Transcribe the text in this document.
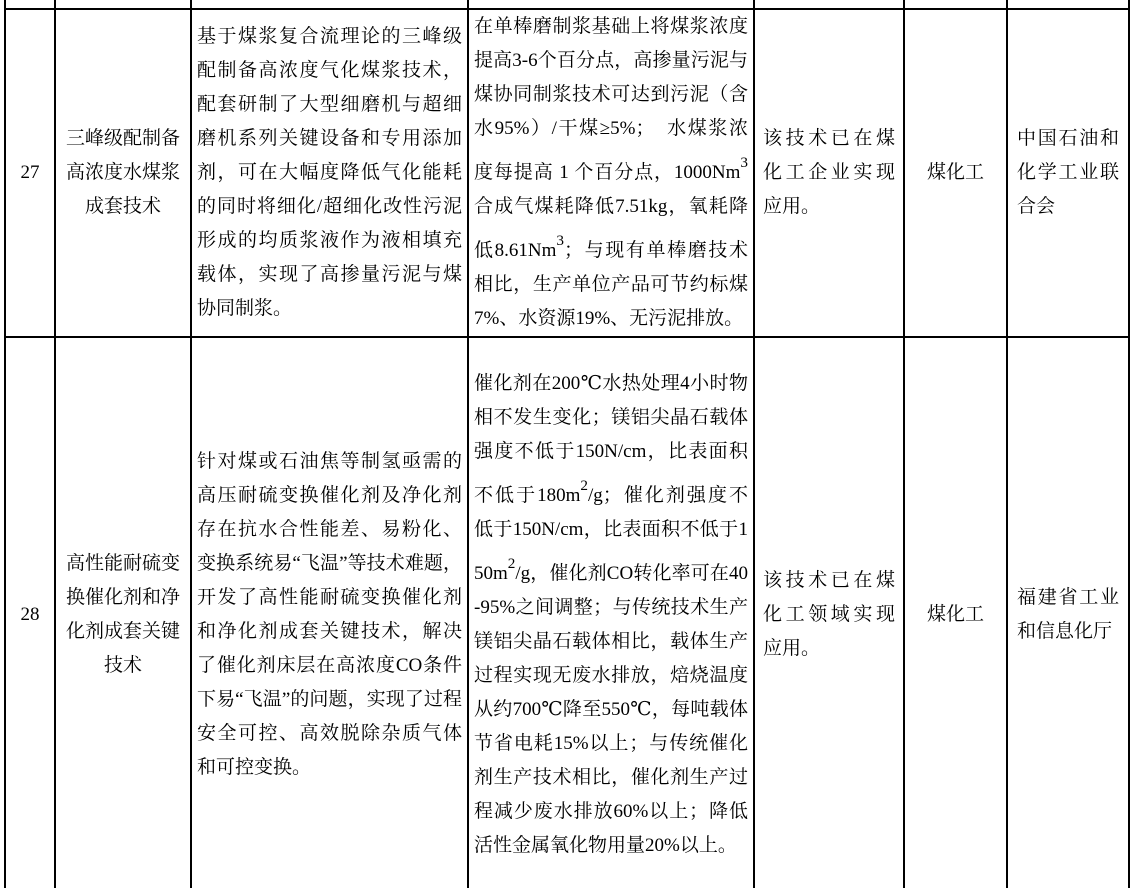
27	三峰级配制备高浓度水煤浆成套技术	基于煤浆复合流理论的三峰级配制备高浓度气化煤浆技术，配套研制了大型细磨机与超细磨机系列关键设备和专用添加剂，可在大幅度降低气化能耗的同时将细化/超细化改性污泥形成的均质浆液作为液相填充载体，实现了高掺量污泥与煤协同制浆。	在单棒磨制浆基础上将煤浆浓度提高3-6个百分点，高掺量污泥与煤协同制浆技术可达到污泥（含水95%）/干煤≥5%；　水煤浆浓度每提高 1 个百分点，1000Nm$^3$ 合成气煤耗降低7.51kg，氧耗降低8.61Nm$^3$；与现有单棒磨技术相比，生产单位产品可节约标煤7%、水资源19%、无污泥排放。	该技术已在煤化工企业实现应用。	煤化工	中国石油和化学工业联合会
28	高性能耐硫变换催化剂和净化剂成套关键技术	针对煤或石油焦等制氢亟需的高压耐硫变换催化剂及净化剂存在抗水合性能差、易粉化、变换系统易“飞温”等技术难题，开发了高性能耐硫变换催化剂和净化剂成套关键技术，解决了催化剂床层在高浓度CO条件下易“飞温”的问题，实现了过程安全可控、高效脱除杂质气体和可控变换。	催化剂在200℃水热处理4小时物相不发生变化；镁铝尖晶石载体强度不低于150N/cm，比表面积不低于$180m^2/g$；催化剂强度不低于150N/cm，比表面积不低于$150m^2/g$，催化剂CO转化率可在40-95%之间调整；与传统技术生产镁铝尖晶石载体相比，载体生产过程实现无废水排放，焙烧温度从约700℃降至550℃，每吨载体节省电耗15%以上；与传统催化剂生产技术相比，催化剂生产过程减少废水排放60%以上；降低活性金属氧化物用量20%以上。	该技术已在煤化工领域实现应用。	煤化工	福建省工业和信息化厅
